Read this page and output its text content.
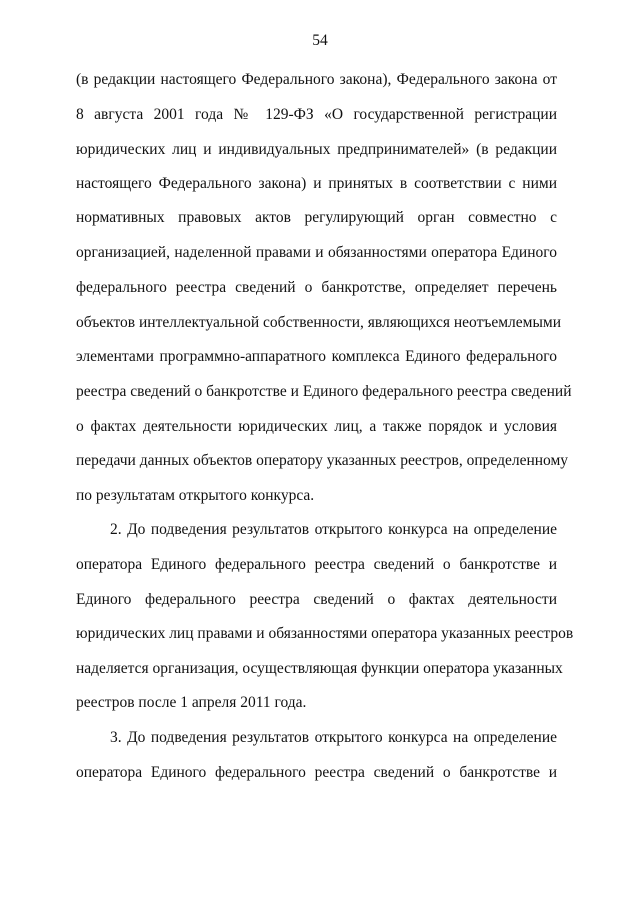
54
(в редакции настоящего Федерального закона), Федерального закона от
8 августа 2001 года № 129-ФЗ «О государственной регистрации
юридических лиц и индивидуальных предпринимателей» (в редакции
настоящего Федерального закона) и принятых в соответствии с ними
нормативных правовых актов регулирующий орган совместно с
организацией, наделенной правами и обязанностями оператора Единого
федерального реестра сведений о банкротстве, определяет перечень
объектов интеллектуальной собственности, являющихся неотъемлемыми
элементами программно-аппаратного комплекса Единого федерального
реестра сведений о банкротстве и Единого федерального реестра сведений
о фактах деятельности юридических лиц, а также порядок и условия
передачи данных объектов оператору указанных реестров, определенному
по результатам открытого конкурса.
2. До подведения результатов открытого конкурса на определение
оператора Единого федерального реестра сведений о банкротстве и
Единого федерального реестра сведений о фактах деятельности
юридических лиц правами и обязанностями оператора указанных реестров
наделяется организация, осуществляющая функции оператора указанных
реестров после 1 апреля 2011 года.
3. До подведения результатов открытого конкурса на определение
оператора Единого федерального реестра сведений о банкротстве и
